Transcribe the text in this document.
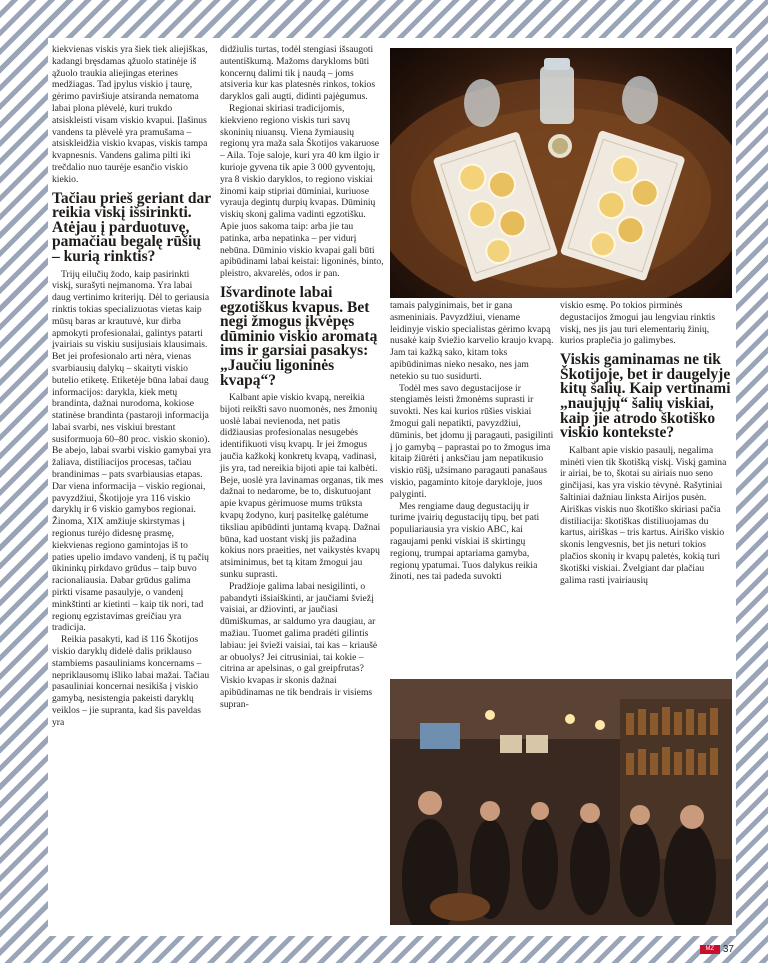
kiekvienas viskis yra šiek tiek aliejiškas, kadangi bręsdamas ąžuolo statinėje iš ąžuolo traukia aliejingas eterines medžiagas. Tad įpylus viskio į taurę, gėrimo paviršiuje atsiranda nematoma labai plona plėvelė, kuri trukdo atsiskleisti visam viskio kvapui. Įlašinus vandens ta plėvelė yra pramušama – atsiskleidžia viskio kvapas, viskis tampa kvapnesnis. Vandens galima pilti iki trečdalio nuo taurėje esančio viskio kiekio.

Tačiau prieš geriant dar reikia viskį išsirinkti. Atėjau į parduotuvę, pamačiau begalę rūšių – kurią rinktis?

Trijų eilučių žodo, kaip pasirinkti viskį, surašyti neįmanoma. Yra labai daug vertinimo kriterijų. Dėl to geriausia rinktis tokias specializuotas vietas kaip mūsų baras ar krautuvė, kur dirba apmokyti profesionalai, galintys patarti įvairiais su viskiu susijusiais klausimais. Bet jei profesionalo arti nėra, vienas svarbiausių dalykų – skaityti viskio butelio etiketę. Etiketėje būna labai daug informacijos: darykla, kiek metų brandinta, dažnai nurodoma, kokiose statinėse brandinta (pastaroji informacija labai svarbi, nes viskiui brestant susiformuoja 60–80 proc. viskio skonio). Be abejo, labai svarbi viskio gamybai yra žaliava, distiliacijos procesas, tačiau brandinimas – pats svarbiausias etapas. Dar viena informacija – viskio regionai, pavyzdžiui, Škotijoje yra 116 viskio daryklų ir 6 viskio gamybos regionai. Žinoma, XIX amžiuje skirstymas į regionus turėjo didesnę prasmę, kiekvienas regiono gamintojas iš to paties upelio imdavo vandenį, iš tų pačių ūkininkų pirkdavo grūdus – taip buvo racionaliausia. Dabar grūdus galima pirkti visame pasaulyje, o vandenį minkštinti ar kietinti – kaip tik nori, tad regionų egzistavimas greičiau yra tradicija.

Reikia pasakyti, kad iš 116 Škotijos viskio daryklų didelė dalis priklauso stambiems pasauliniams koncernams – nepriklausomų išliko labai mažai. Tačiau pasauliniai koncernai nesikiša į viskio gamybą, nesistengia pakeisti daryklų veiklos – jie supranta, kad šis paveldas yra

didžiulis turtas, todėl stengiasi išsaugoti autentiškumą. Mažoms darykloms būti koncernų dalimi tik į naudą – joms atsiveria kur kas platesnės rinkos, tokios daryklos gali augti, didinti pajėgumus.

Regionai skiriasi tradicijomis, kiekvieno regiono viskis turi savų skoninių niuansų. Viena žymiausių regionų yra maža sala Škotijos vakaruose – Aila. Toje saloje, kuri yra 40 km ilgio ir kurioje gyvena tik apie 3 000 gyventojų, yra 8 viskio daryklos, to regiono viskiai žinomi kaip stipriai dūminiai, kuriuose vyrauja degintų durpių kvapas. Dūminių viskių skonį galima vadinti egzotišku. Apie juos sakoma taip: arba jie tau patinka, arba nepatinka – per vidurį nebūna. Dūminio viskio kvapai gali būti apibūdinami labai keistai: ligoninės, binto, pleistro, akvarelės, odos ir pan.

Išvardinote labai egzotiškus kvapus. Bet negi žmogus įkvėpęs dūminio viskio aromatą ims ir garsiai pasakys: „Jaučiu ligoninės kvapą“?

Kalbant apie viskio kvapą, nereikia bijoti reikšti savo nuomonės, nes žmonių uoslė labai nevienoda, net patis didžiausias profesionalas nesugebės identifikuoti visų kvapų. Ir jei žmogus jaučia kažkokį konkretų kvapą, vadinasi, jis yra, tad nereikia bijoti apie tai kalbėti. Beje, uoslė yra lavinamas organas, tik mes dažnai to nedarome, be to, diskutuojant apie kvapus gėrimuose mums trūksta kvapų žodyno, kurį pasitelkę galėtume tiksliau apibūdinti juntamą kvapą. Dažnai būna, kad uostant viskį jis pažadina kokius nors praeities, net vaikystės kvapų atsiminimus, bet tą kitam žmogui jau sunku suprasti.

Pradžioje galima labai nesigilinti, o pabandyti išsiaiškinti, ar jaučiami šviežį vaisiai, ar džiovinti, ar jaučiasi dūmiškumas, ar saldumo yra daugiau, ar mažiau. Tuomet galima pradėti gilintis labiau: jei švieži vaisiai, tai kas – kriaušė ar obuolys? Jei citrusiniai, tai kokie – citrina ar apelsinas, o gal greipfrutas? Viskio kvapas ir skonis dažnai apibūdinamas ne tik bendrais ir visiems supran-

tamais palyginimais, bet ir gana asmeniniais. Pavyzdžiui, viename leidinyje viskio specialistas gėrimo kvapą nusakė kaip šviežio karvelio kraujo kvapą. Jam tai kažką sako, kitam toks apibūdinimas nieko nesako, nes jam netekio su tuo susidurti.

Todėl mes savo degustacijose ir stengiamės leisti žmonėms suprasti ir suvokti. Nes kai kurios rūšies viskiai žmogui gali nepatikti, pavyzdžiui, dūminis, bet įdomu jį paragauti, pasigilinti į jo gamybą – paprastai po to žmogus ima kitaip žiūrėti į anksčiau jam nepatikusio viskio rūšį, užsimano paragauti panašaus viskio, pagaminto kitoje darykloje, juos palyginti.

Mes rengiame daug degustacijų ir turime įvairių degustacijų tipų, bet pati populiariausia yra viskio ABC, kai ragaujami penki viskiai iš skirtingų regionų, trumpai aptariama gamyba, regionų ypatumai. Tuos dalykus reikia žinoti, nes tai padeda suvokti

viskio esmę. Po tokios pirminės degustacijos žmogui jau lengviau rinktis viskį, nes jis jau turi elementarių žinių, kurios praplečia jo galimybes.

Viskis gaminamas ne tik Škotijoje, bet ir daugelyje kitų šalių. Kaip vertinami „naujųjų“ šalių viskiai, kaip jie atrodo škotiško viskio kontekste?

Kalbant apie viskio pasaulį, negalima minėti vien tik škotišką viskį. Viskį gamina ir airiai, be to, škotai su airiais nuo seno ginčijasi, kas yra viskio tėvynė. Rašytiniai šaltiniai dažniau linksta Airijos pusėn. Airiškas viskis nuo škotiško skiriasi pačia distiliacija: škotiškas distiliuojamas du kartus, airiškas – tris kartus. Airiško viskio skonis lengvesnis, bet jis neturi tokios plačios skonių ir kvapų paletės, kokią turi škotiški viskiai. Žvelgiant dar plačiau galima rasti įvairiausių

MZ 37
